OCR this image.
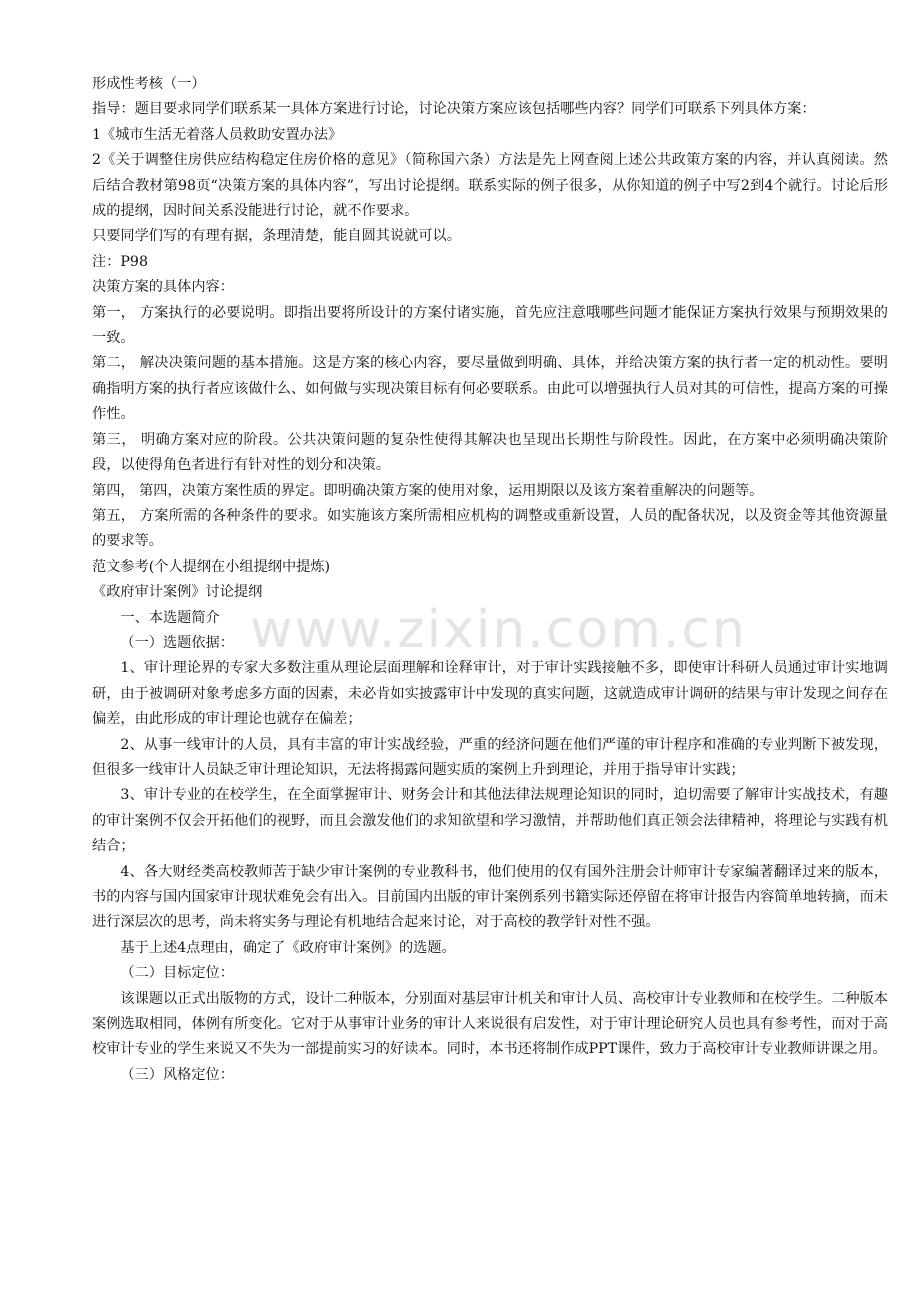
www.zixin.com.cn

形成性考核（一）

指导：题目要求同学们联系某一具体方案进行讨论，讨论决策方案应该包括哪些内容？同学们可联系下列具体方案：

1《城市生活无着落人员救助安置办法》

2《关于调整住房供应结构稳定住房价格的意见》（简称国六条）方法是先上网查阅上述公共政策方案的内容，并认真阅读。然后结合教材第98页“决策方案的具体内容”，写出讨论提纲。联系实际的例子很多，从你知道的例子中写2到4个就行。讨论后形成的提纲，因时间关系没能进行讨论，就不作要求。

只要同学们写的有理有据，条理清楚，能自圆其说就可以。

注：P98

决策方案的具体内容：

第一， 方案执行的必要说明。即指出要将所设计的方案付诸实施，首先应注意哦哪些问题才能保证方案执行效果与预期效果的一致。

第二， 解决决策问题的基本措施。这是方案的核心内容，要尽量做到明确、具体，并给决策方案的执行者一定的机动性。要明确指明方案的执行者应该做什么、如何做与实现决策目标有何必要联系。由此可以增强执行人员对其的可信性，提高方案的可操作性。

第三， 明确方案对应的阶段。公共决策问题的复杂性使得其解决也呈现出长期性与阶段性。因此，在方案中必须明确决策阶段，以使得角色者进行有针对性的划分和决策。

第四， 第四，决策方案性质的界定。即明确决策方案的使用对象，运用期限以及该方案着重解决的问题等。

第五， 方案所需的各种条件的要求。如实施该方案所需相应机构的调整或重新设置，人员的配备状况，以及资金等其他资源量的要求等。

范文参考(个人提纲在小组提纲中提炼)

《政府审计案例》讨论提纲

一、本选题简介

（一）选题依据：

1、审计理论界的专家大多数注重从理论层面理解和诠释审计，对于审计实践接触不多，即使审计科研人员通过审计实地调研，由于被调研对象考虑多方面的因素，未必肯如实披露审计中发现的真实问题，这就造成审计调研的结果与审计发现之间存在偏差，由此形成的审计理论也就存在偏差；

2、从事一线审计的人员，具有丰富的审计实战经验，严重的经济问题在他们严谨的审计程序和准确的专业判断下被发现，但很多一线审计人员缺乏审计理论知识，无法将揭露问题实质的案例上升到理论，并用于指导审计实践；

3、审计专业的在校学生，在全面掌握审计、财务会计和其他法律法规理论知识的同时，迫切需要了解审计实战技术，有趣的审计案例不仅会开拓他们的视野，而且会激发他们的求知欲望和学习激情，并帮助他们真正领会法律精神，将理论与实践有机结合；

4、各大财经类高校教师苦于缺少审计案例的专业教科书，他们使用的仅有国外注册会计师审计专家编著翻译过来的版本，书的内容与国内国家审计现状难免会有出入。目前国内出版的审计案例系列书籍实际还停留在将审计报告内容简单地转摘，而未进行深层次的思考，尚未将实务与理论有机地结合起来讨论，对于高校的教学针对性不强。

基于上述4点理由，确定了《政府审计案例》的选题。

（二）目标定位：

该课题以正式出版物的方式，设计二种版本，分别面对基层审计机关和审计人员、高校审计专业教师和在校学生。二种版本案例选取相同，体例有所变化。它对于从事审计业务的审计人来说很有启发性，对于审计理论研究人员也具有参考性，而对于高校审计专业的学生来说又不失为一部提前实习的好读本。同时，本书还将制作成PPT课件，致力于高校审计专业教师讲课之用。

（三）风格定位：
